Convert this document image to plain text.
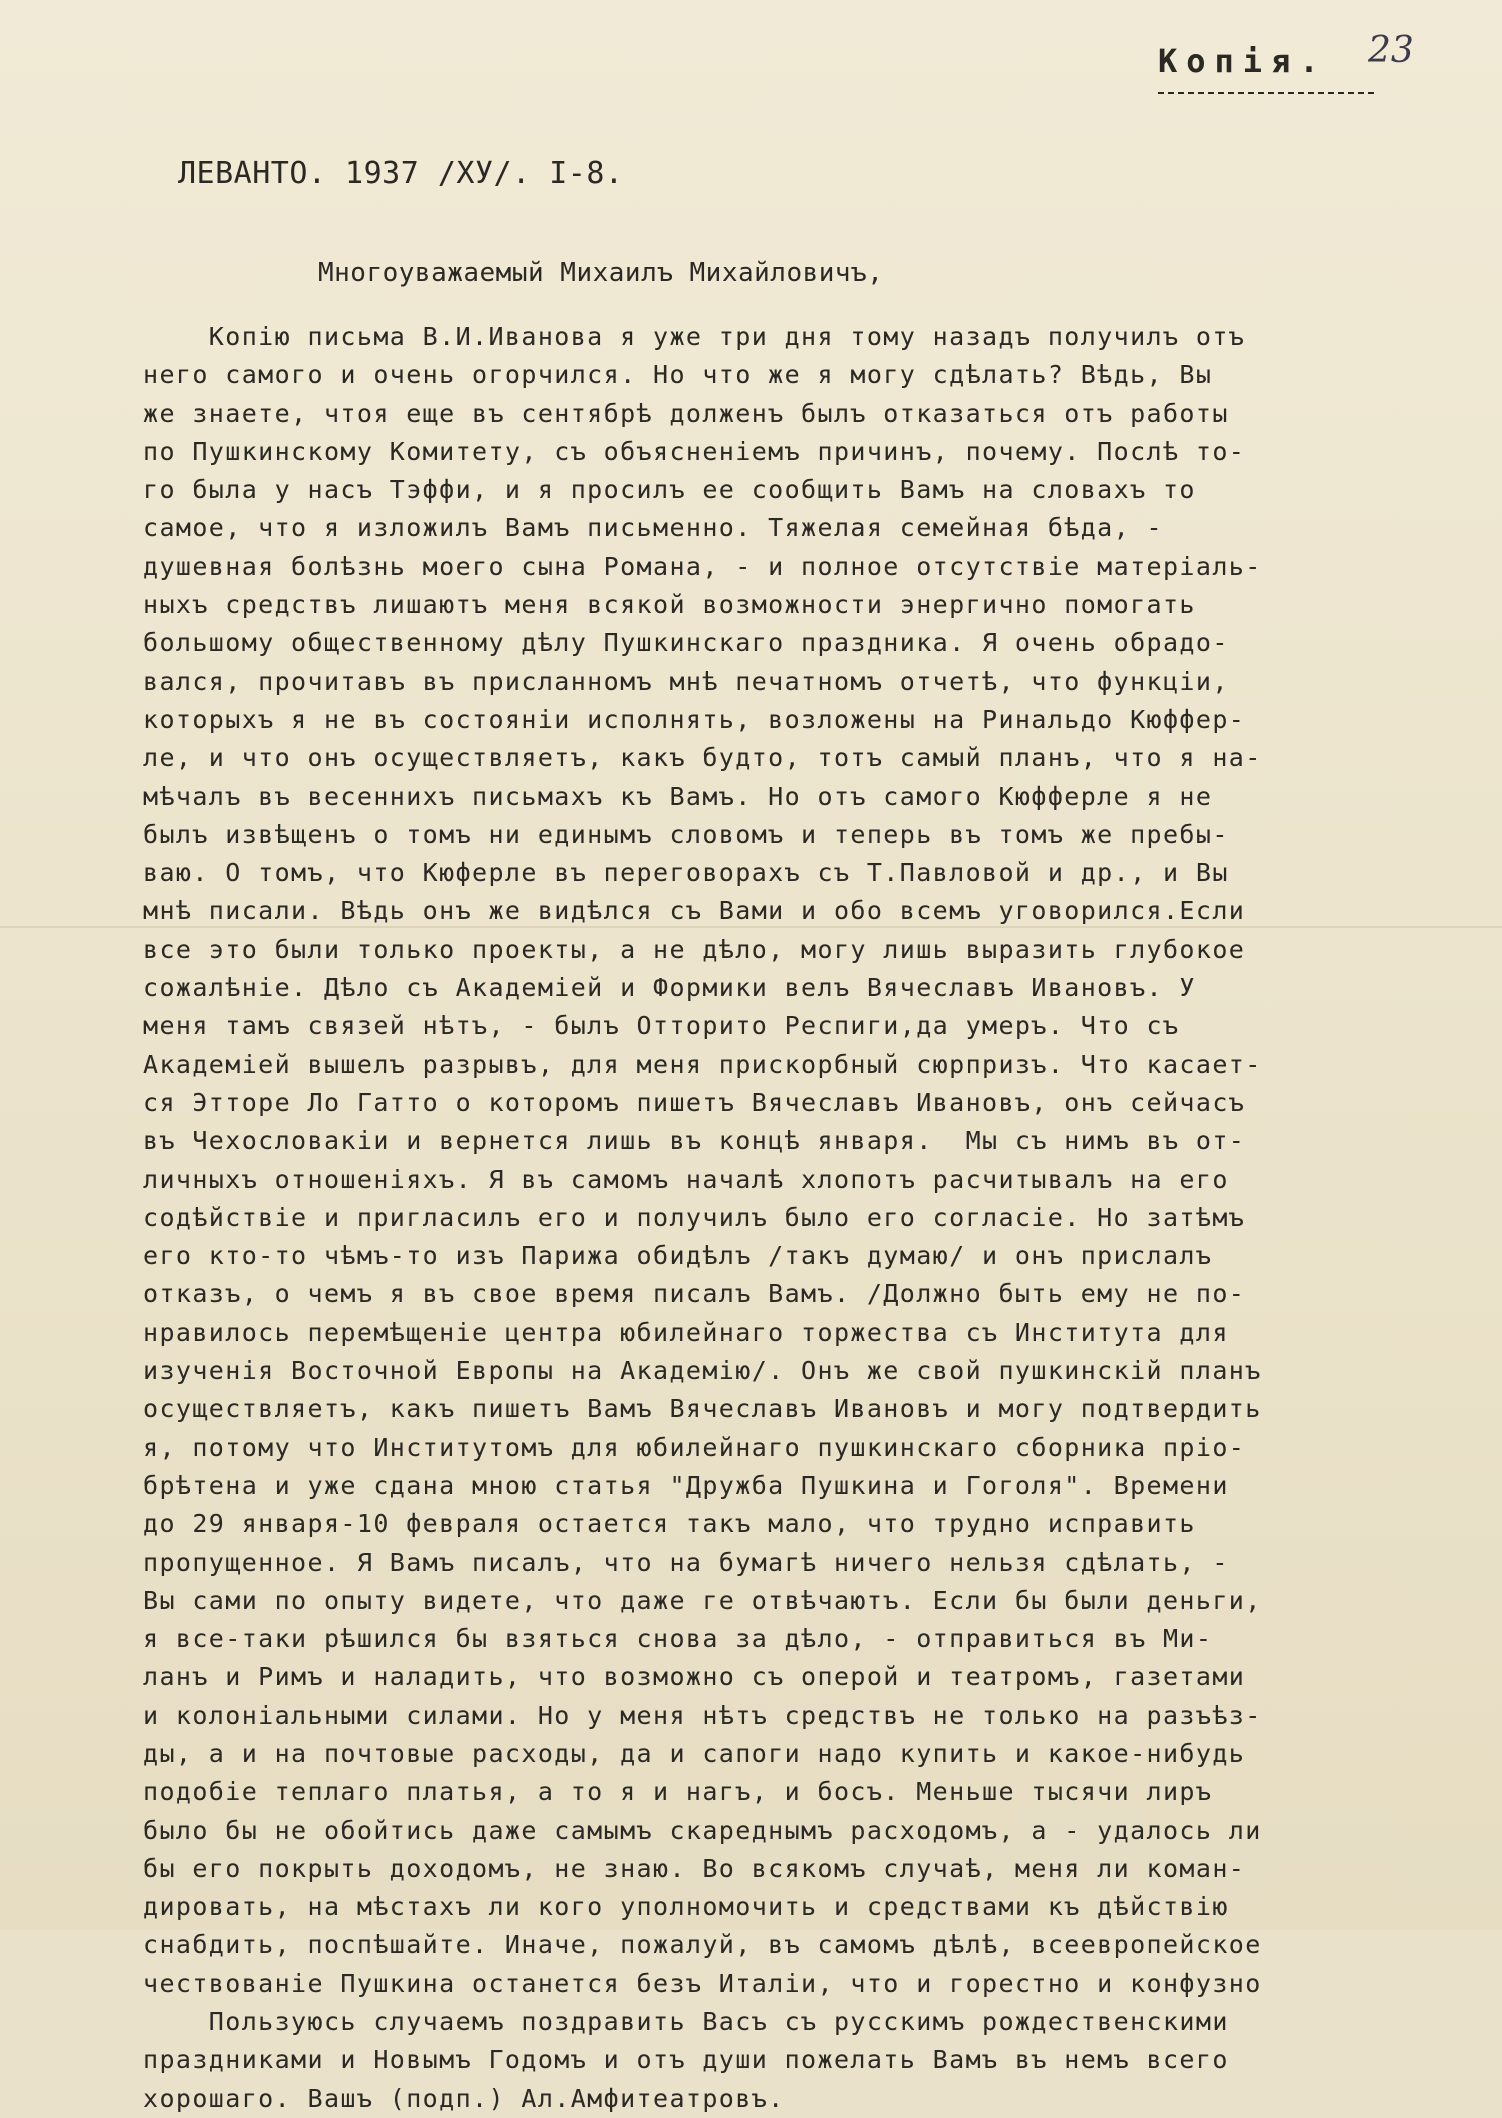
Копія. 23
ЛЕВАНТО. 1937 /ХУ/. I-8.
Многоуважаемый Михаилъ Михайловичъ,
Копію письма В.И.Иванова я уже три дня тому назадъ получилъ отъ
него самого и очень огорчился. Но что же я могу сдѣлать? Вѣдь, Вы
же знаете, чтоя еще въ сентябрѣ долженъ былъ отказаться отъ работы
по Пушкинскому Комитету, съ объясненіемъ причинъ, почему. Послѣ то-
го была у насъ Тэффи, и я просилъ ее сообщить Вамъ на словахъ то
самое, что я изложилъ Вамъ письменно. Тяжелая семейная бѣда, -
душевная болѣзнь моего сына Романа, - и полное отсутствіе матеріаль-
ныхъ средствъ лишаютъ меня всякой возможности энергично помогать
большому общественному дѣлу Пушкинскаго праздника. Я очень обрадо-
вался, прочитавъ въ присланномъ мнѣ печатномъ отчетѣ, что функціи,
которыхъ я не въ состояніи исполнять, возложены на Ринальдо Кюффер-
ле, и что онъ осуществляетъ, какъ будто, тотъ самый планъ, что я на-
мѣчалъ въ весеннихъ письмахъ къ Вамъ. Но отъ самого Кюфферле я не
былъ извѣщенъ о томъ ни единымъ словомъ и теперь въ томъ же пребы-
ваю. О томъ, что Кюферле въ переговорахъ съ Т.Павловой и др., и Вы
мнѣ писали. Вѣдь онъ же видѣлся съ Вами и обо всемъ уговорился.Если
все это были только проекты, а не дѣло, могу лишь выразить глубокое
сожалѣніе. Дѣло съ Академіей и Формики велъ Вячеславъ Ивановъ. У
меня тамъ связей нѣтъ, - былъ Отторито Респиги,да умеръ. Что съ
Академіей вышелъ разрывъ, для меня прискорбный сюрпризъ. Что касает-
ся Этторе Ло Гатто о которомъ пишетъ Вячеславъ Ивановъ, онъ сейчасъ
въ Чехословакіи и вернется лишь въ концѣ января.  Мы съ нимъ въ от-
личныхъ отношеніяхъ. Я въ самомъ началѣ хлопотъ расчитывалъ на его
содѣйствіе и пригласилъ его и получилъ было его согласіе. Но затѣмъ
его кто-то чѣмъ-то изъ Парижа обидѣлъ /такъ думаю/ и онъ прислалъ
отказъ, о чемъ я въ свое время писалъ Вамъ. /Должно быть ему не по-
нравилось перемѣщеніе центра юбилейнаго торжества съ Института для
изученія Восточной Европы на Академію/. Онъ же свой пушкинскій планъ
осуществляетъ, какъ пишетъ Вамъ Вячеславъ Ивановъ и могу подтвердить
я, потому что Институтомъ для юбилейнаго пушкинскаго сборника пріо-
брѣтена и уже сдана мною статья "Дружба Пушкина и Гоголя". Времени
до 29 января-10 февраля остается такъ мало, что трудно исправить
пропущенное. Я Вамъ писалъ, что на бумагѣ ничего нельзя сдѣлать, -
Вы сами по опыту видете, что даже ге отвѣчаютъ. Если бы были деньги,
я все-таки рѣшился бы взяться снова за дѣло, - отправиться въ Ми-
ланъ и Римъ и наладить, что возможно съ оперой и театромъ, газетами
и колоніальными силами. Но у меня нѣтъ средствъ не только на разъѣз-
ды, а и на почтовые расходы, да и сапоги надо купить и какое-нибудь
подобіе теплаго платья, а то я и нагъ, и босъ. Меньше тысячи лиръ
было бы не обойтись даже самымъ скареднымъ расходомъ, а - удалось ли
бы его покрыть доходомъ, не знаю. Во всякомъ случаѣ, меня ли коман-
дировать, на мѣстахъ ли кого уполномочить и средствами къ дѣйствію
снабдить, поспѣшайте. Иначе, пожалуй, въ самомъ дѣлѣ, всеевропейское
чествованіе Пушкина останется безъ Италіи, что и горестно и конфузно
Пользуюсь случаемъ поздравить Васъ съ русскимъ рождественскими
праздниками и Новымъ Годомъ и отъ души пожелать Вамъ въ немъ всего
хорошаго. Вашъ (подп.) Ал.Амфитеатровъ.
